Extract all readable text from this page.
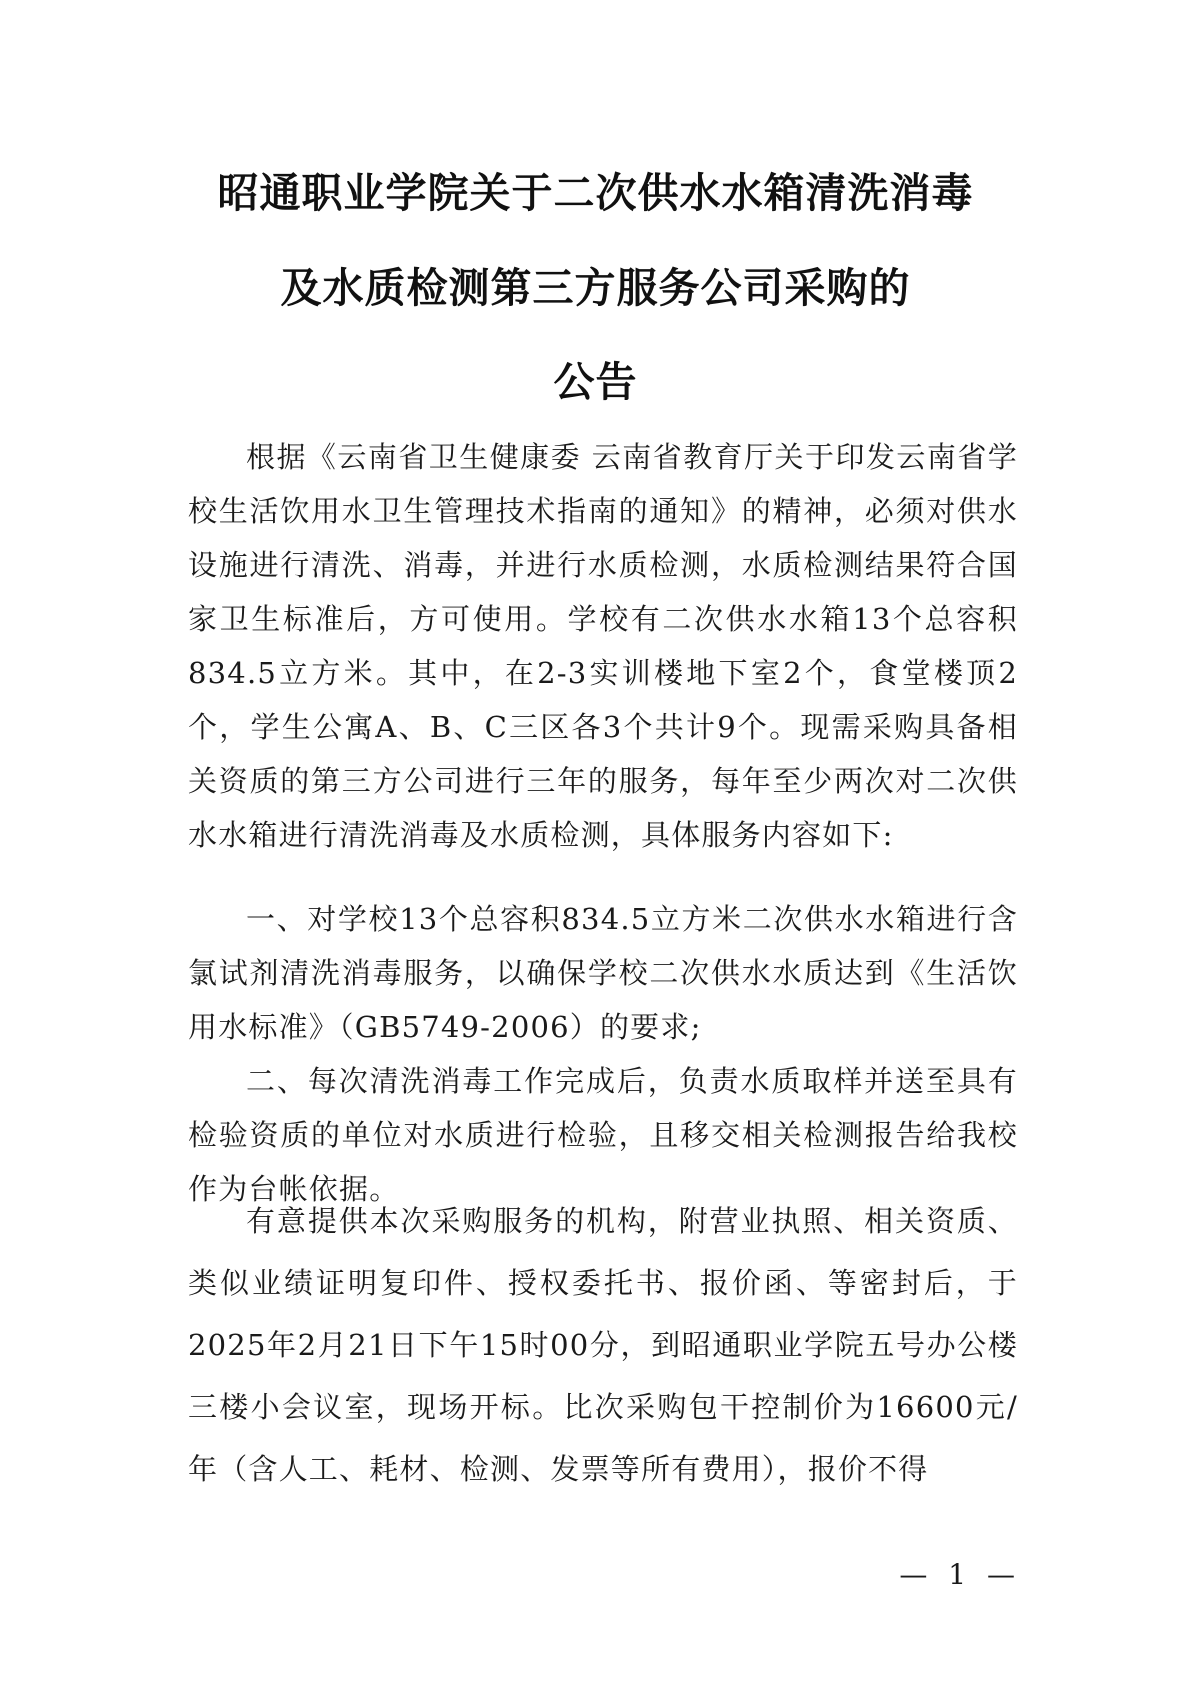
昭通职业学院关于二次供水水箱清洗消毒
及水质检测第三方服务公司采购的
公告

根据《云南省卫生健康委 云南省教育厅关于印发云南省学校生活饮用水卫生管理技术指南的通知》的精神，必须对供水设施进行清洗、消毒，并进行水质检测，水质检测结果符合国家卫生标准后，方可使用。学校有二次供水水箱13个总容积834.5立方米。其中，在2-3实训楼地下室2个，食堂楼顶2个，学生公寓A、B、C三区各3个共计9个。现需采购具备相关资质的第三方公司进行三年的服务，每年至少两次对二次供水水箱进行清洗消毒及水质检测，具体服务内容如下:

一、对学校13个总容积834.5立方米二次供水水箱进行含氯试剂清洗消毒服务，以确保学校二次供水水质达到《生活饮用水标准》（GB5749-2006）的要求;

二、每次清洗消毒工作完成后，负责水质取样并送至具有检验资质的单位对水质进行检验，且移交相关检测报告给我校作为台帐依据。

有意提供本次采购服务的机构，附营业执照、相关资质、类似业绩证明复印件、授权委托书、报价函、等密封后，于2025年2月21日下午15时00分，到昭通职业学院五号办公楼三楼小会议室，现场开标。比次采购包干控制价为16600元/年（含人工、耗材、检测、发票等所有费用），报价不得

— 1 —
